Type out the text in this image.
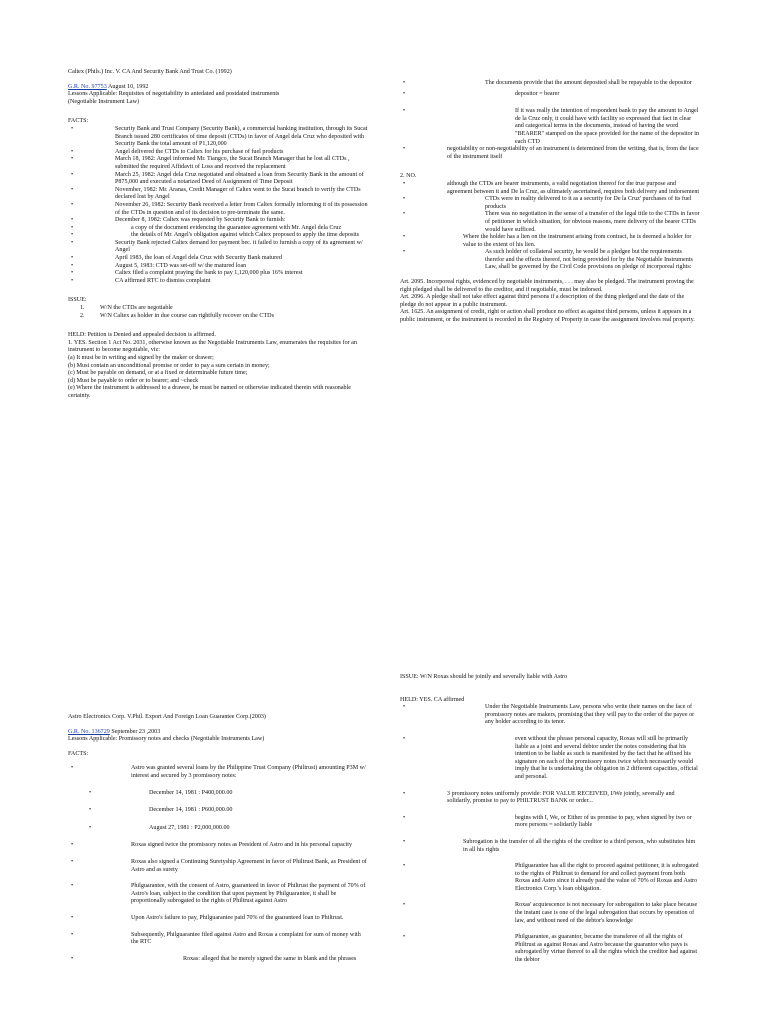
Caltex (Phils.) Inc. V. CA And Security Bank And Trust Co. (1992)

G.R. No. 97753 August 10, 1992

Lessons Applicable: Requisites of negotiability to antedated and postdated instruments

(Negotiable Instrument Law)

FACTS:

• Security Bank and Trust Company (Security Bank), a commercial banking institution, through its Sucat Branch issued 280 certificates of time deposit (CTDs) in favor of Angel dela Cruz who deposited with Security Bank the total amount of P1,120,000
• Angel delivered the CTDs to Caltex for his purchase of fuel products
• March 18, 1982: Angel informed Mr. Tiangco, the Sucat Branch Manager that he lost all CTDs , submitted the required Affidavit of Loss and received the replacement
• March 25, 1982: Angel dela Cruz negotiated and obtained a loan from Security Bank in the amount of P875,000 and executed a notarized Deed of Assignment of Time Deposit
• November, 1982: Mr. Aranas, Credit Manager of Caltex went to the Sucat branch to verify the CTDs declared lost by Angel
• November 26, 1982: Security Bank received a letter from Caltex formally informing it of its possession of the CTDs in question and of its decision to pre-terminate the same.
• December 8, 1982: Caltex was requested by Security Bank to furnish:
• a copy of the document evidencing the guarantee agreement with Mr. Angel dela Cruz
• the details of Mr. Angel's obligation against which Caltex proposed to apply the time deposits
• Security Bank rejected Caltex demand for payment bec. it failed to furnish a copy of its agreement w/ Angel
• April 1983, the loan of Angel dela Cruz with Security Bank matured
• August 5, 1983: CTD was set-off w/ the matured loan
• Caltex filed a complaint praying the bank to pay 1,120,000 plus 16% interest
• CA affirmed RTC to dismiss complaint

ISSUE:

1.	W/N the CTDs are negotiable
2.	W/N Caltex as holder in due course can rightfully recover on the CTDs

HELD: Petition is Denied and appealed decision is affirmed.

1. YES. Section 1 Act No. 2031, otherwise known as the Negotiable Instruments Law, enumerates the requisites for an instrument to become negotiable, viz:

(a) It must be in writing and signed by the maker or drawer;

(b) Must contain an unconditional promise or order to pay a sum certain in money;

(c) Must be payable on demand, or at a fixed or determinable future time;

(d) Must be payable to order or to bearer; and ~check

(e) Where the instrument is addressed to a drawee, he must be named or otherwise indicated therein with reasonable certainty.

• The documents provide that the amount deposited shall be repayable to the depositor
• depositor = bearer
• If it was really the intention of respondent bank to pay the amount to Angel de la Cruz only, it could have with facility so expressed that fact in clear and categorical terms in the documents, instead of having the word "BEARER" stamped on the space provided for the name of the depositor in each CTD
• negotiability or non-negotiability of an instrument is determined from the writing, that is, from the face of the instrument itself

2. NO.

• although the CTDs are bearer instruments, a valid negotiation thereof for the true purpose and agreement between it and De la Cruz, as ultimately ascertained, requires both delivery and indorsement
• CTDs were in reality delivered to it as a security for De la Cruz' purchases of its fuel products
• There was no negotiation in the sense of a transfer of the legal title to the CTDs in favor of petitioner in which situation, for obvious reasons, mere delivery of the bearer CTDs would have sufficed.
• Where the holder has a lien on the instrument arising from contract, he is deemed a holder for value to the extent of his lien.
• As such holder of collateral security, he would be a pledgee but the requirements therefor and the effects thereof, not being provided for by the Negotiable Instruments Law, shall be governed by the Civil Code provisions on pledge of incorporeal rights:

Art. 2095. Incorporeal rights, evidenced by negotiable instruments, . . . may also be pledged. The instrument proving the right pledged shall be delivered to the creditor, and if negotiable, must be indorsed.

Art. 2096. A pledge shall not take effect against third persons if a description of the thing pledged and the date of the pledge do not appear in a public instrument.

Art. 1625. An assignment of credit, right or action shall produce no effect as against third persons, unless it appears in a public instrument, or the instrument is recorded in the Registry of Property in case the assignment involves real property.

Astro Electronics Corp. V.Phil. Export And Foreign Loan Guarantee Corp.(2003)

G.R. No. 136729 September 23 ,2003

Lessons Applicable: Promissory notes and checks (Negotiable Instruments Law)

FACTS:

• Astro was granted several loans by the Philippine Trust Company (Philtrust) amounting P3M w/ interest and secured by 3 promissory notes:
• December 14, 1981 : P400,000.00
• December 14, 1981 : P600,000.00
• August 27, 1981 : P2,000,000.00
• Roxas signed twice the promissory notes as President of Astro and in his personal capacity
• Roxas also signed a Continuing Suretyship Agreement in favor of Philtrust Bank, as President of Astro and as surety
• Philguarantee, with the consent of Astro, guaranteed in favor of Philtrust the payment of 70% of Astro's loan, subject to the condition that upon payment by Philguarantee, it shall be proportionally subrogated to the rights of Philtrust against Astro
• Upon Astro's failure to pay, Philguarantee paid 70% of the guaranteed loan to Philtrust.
• Subsequently, Philguarantee filed against Astro and Roxas a complaint for sum of money with the RTC
• Roxas: alleged that he merely signed the same in blank and the phrases

ISSUE: W/N Roxas should be jointly and severally liable with Astro

HELD: YES. CA affirmed

• Under the Negotiable Instruments Law, persons who write their names on the face of promissory notes are makers, promising that they will pay to the order of the payee or any holder according to its tenor.
• even without the phrase personal capacity, Roxas will still be primarily liable as a joint and several debtor under the notes considering that his intention to be liable as such is manifested by the fact that he affixed his signature on each of the promissory notes twice which necessarily would imply that he is undertaking the obligation in 2 different capacities, official and personal.
• 3 promissory notes uniformly provide: FOR VALUE RECEIVED, I/We jointly, severally and solidarily, promise to pay to PHILTRUST BANK or order...
• begins with I, We, or Either of us promise to pay, when signed by two or more persons = solidarily liable
• Subrogation is the transfer of all the rights of the creditor to a third person, who substitutes him in all his rights
• Philguarantee has all the right to proceed against petitioner, it is subrogated to the rights of Philtrust to demand for and collect payment from both Roxas and Astro since it already paid the value of 70% of Roxas and Astro Electronics Corp.'s loan obligation.
• Roxas' acquiescence is not necessary for subrogation to take place because the instant case is one of the legal subrogation that occurs by operation of law, and without need of the debtor's knowledge
• Philguarantee, as guarantor, became the transferee of all the rights of Philtrust as against Roxas and Astro because the guarantor who pays is subrogated by virtue thereof to all the rights which the creditor had against the debtor
